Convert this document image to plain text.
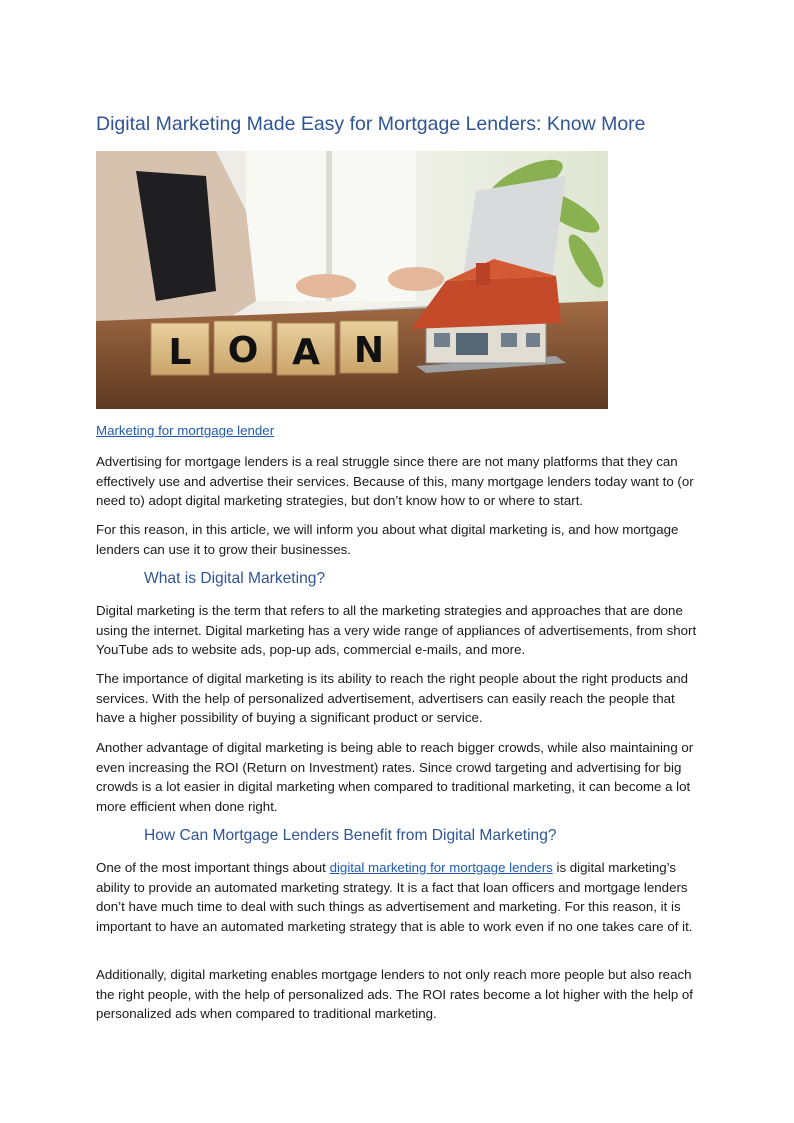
Digital Marketing Made Easy for Mortgage Lenders: Know More
L O A N
Marketing for mortgage lender

Advertising for mortgage lenders is a real struggle since there are not many platforms that they can effectively use and advertise their services. Because of this, many mortgage lenders today want to (or need to) adopt digital marketing strategies, but don’t know how to or where to start.

For this reason, in this article, we will inform you about what digital marketing is, and how mortgage lenders can use it to grow their businesses.

What is Digital Marketing?

Digital marketing is the term that refers to all the marketing strategies and approaches that are done using the internet. Digital marketing has a very wide range of appliances of advertisements, from short YouTube ads to website ads, pop-up ads, commercial e-mails, and more.

The importance of digital marketing is its ability to reach the right people about the right products and services. With the help of personalized advertisement, advertisers can easily reach the people that have a higher possibility of buying a significant product or service.

Another advantage of digital marketing is being able to reach bigger crowds, while also maintaining or even increasing the ROI (Return on Investment) rates. Since crowd targeting and advertising for big crowds is a lot easier in digital marketing when compared to traditional marketing, it can become a lot more efficient when done right.

How Can Mortgage Lenders Benefit from Digital Marketing?

One of the most important things about digital marketing for mortgage lenders is digital marketing’s ability to provide an automated marketing strategy. It is a fact that loan officers and mortgage lenders don’t have much time to deal with such things as advertisement and marketing. For this reason, it is important to have an automated marketing strategy that is able to work even if no one takes care of it.

Additionally, digital marketing enables mortgage lenders to not only reach more people but also reach the right people, with the help of personalized ads. The ROI rates become a lot higher with the help of personalized ads when compared to traditional marketing.
